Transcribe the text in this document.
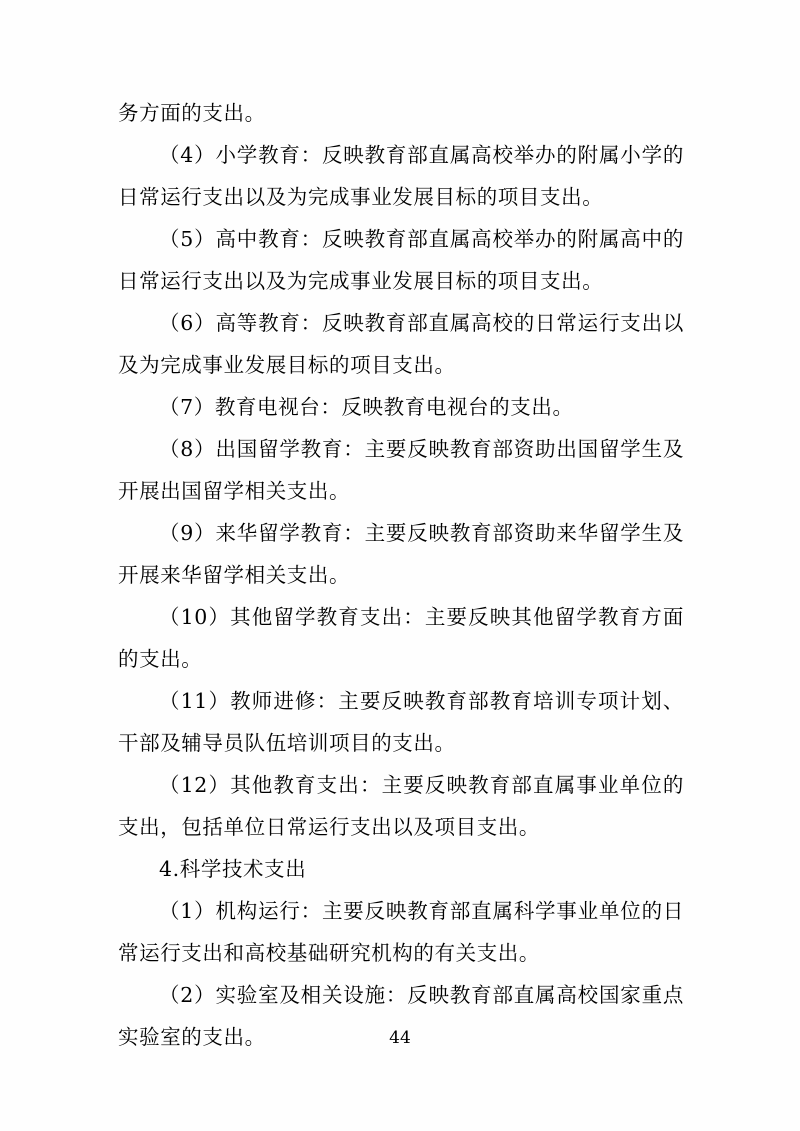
务方面的支出。

（4）小学教育：反映教育部直属高校举办的附属小学的日常运行支出以及为完成事业发展目标的项目支出。

（5）高中教育：反映教育部直属高校举办的附属高中的日常运行支出以及为完成事业发展目标的项目支出。

（6）高等教育：反映教育部直属高校的日常运行支出以及为完成事业发展目标的项目支出。

（7）教育电视台：反映教育电视台的支出。

（8）出国留学教育：主要反映教育部资助出国留学生及开展出国留学相关支出。

（9）来华留学教育：主要反映教育部资助来华留学生及开展来华留学相关支出。

（10）其他留学教育支出：主要反映其他留学教育方面的支出。

（11）教师进修：主要反映教育部教育培训专项计划、干部及辅导员队伍培训项目的支出。

（12）其他教育支出：主要反映教育部直属事业单位的支出，包括单位日常运行支出以及项目支出。

4.科学技术支出

（1）机构运行：主要反映教育部直属科学事业单位的日常运行支出和高校基础研究机构的有关支出。

（2）实验室及相关设施：反映教育部直属高校国家重点实验室的支出。	44
